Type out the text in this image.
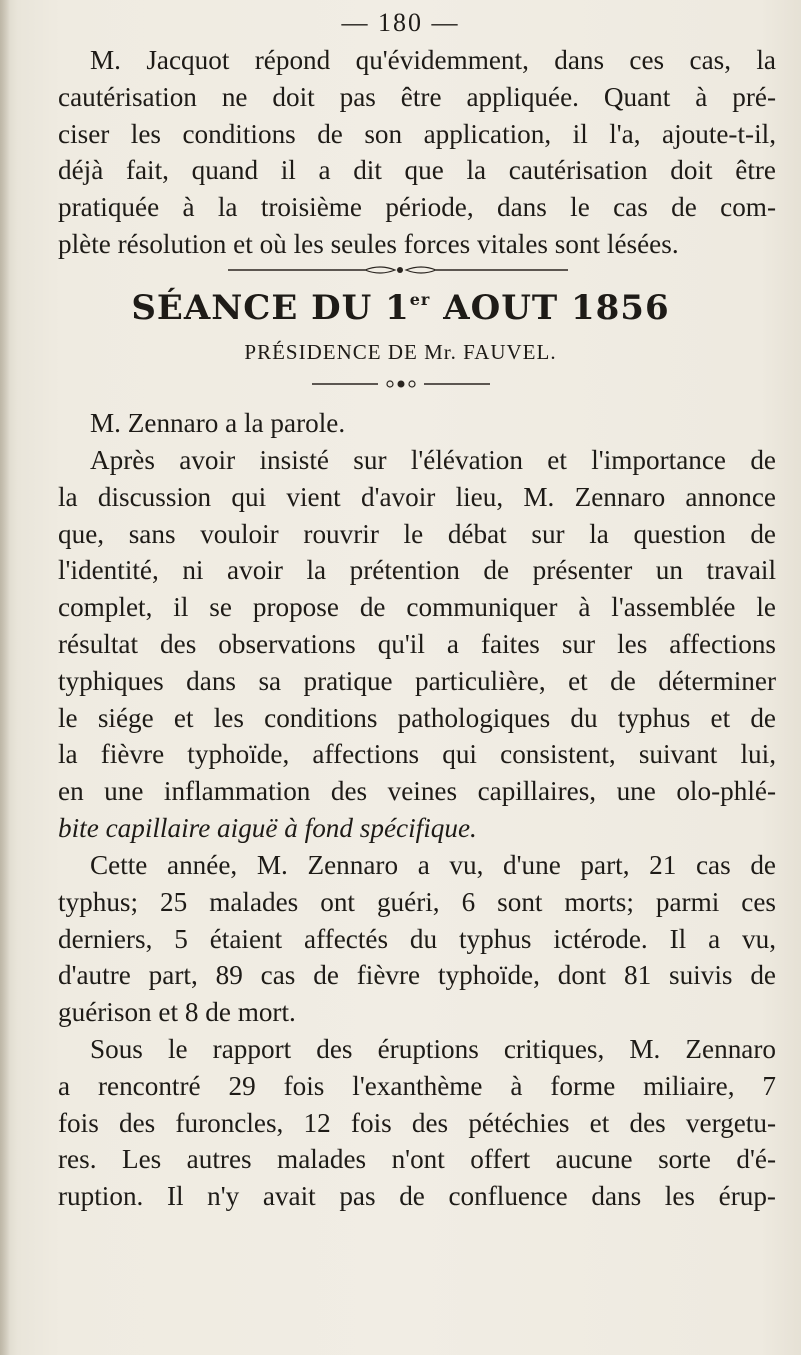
— 180 —
M. Jacquot répond qu'évidemment, dans ces cas, la
cautérisation ne doit pas être appliquée. Quant à pré-
ciser les conditions de son application, il l'a, ajoute-t-il,
déjà fait, quand il a dit que la cautérisation doit être
pratiquée à la troisième période, dans le cas de com-
plète résolution et où les seules forces vitales sont lésées.
SÉANCE DU 1er AOUT 1856
PRÉSIDENCE DE Mr. FAUVEL.
M. Zennaro a la parole.
Après avoir insisté sur l'élévation et l'importance de
la discussion qui vient d'avoir lieu, M. Zennaro annonce
que, sans vouloir rouvrir le débat sur la question de
l'identité, ni avoir la prétention de présenter un travail
complet, il se propose de communiquer à l'assemblée le
résultat des observations qu'il a faites sur les affections
typhiques dans sa pratique particulière, et de déterminer
le siége et les conditions pathologiques du typhus et de
la fièvre typhoïde, affections qui consistent, suivant lui,
en une inflammation des veines capillaires, une olo-phlé-
bite capillaire aiguë à fond spécifique.
Cette année, M. Zennaro a vu, d'une part, 21 cas de
typhus; 25 malades ont guéri, 6 sont morts; parmi ces
derniers, 5 étaient affectés du typhus ictérode. Il a vu,
d'autre part, 89 cas de fièvre typhoïde, dont 81 suivis de
guérison et 8 de mort.
Sous le rapport des éruptions critiques, M. Zennaro
a rencontré 29 fois l'exanthème à forme miliaire, 7
fois des furoncles, 12 fois des pétéchies et des vergetu-
res. Les autres malades n'ont offert aucune sorte d'é-
ruption. Il n'y avait pas de confluence dans les érup-
